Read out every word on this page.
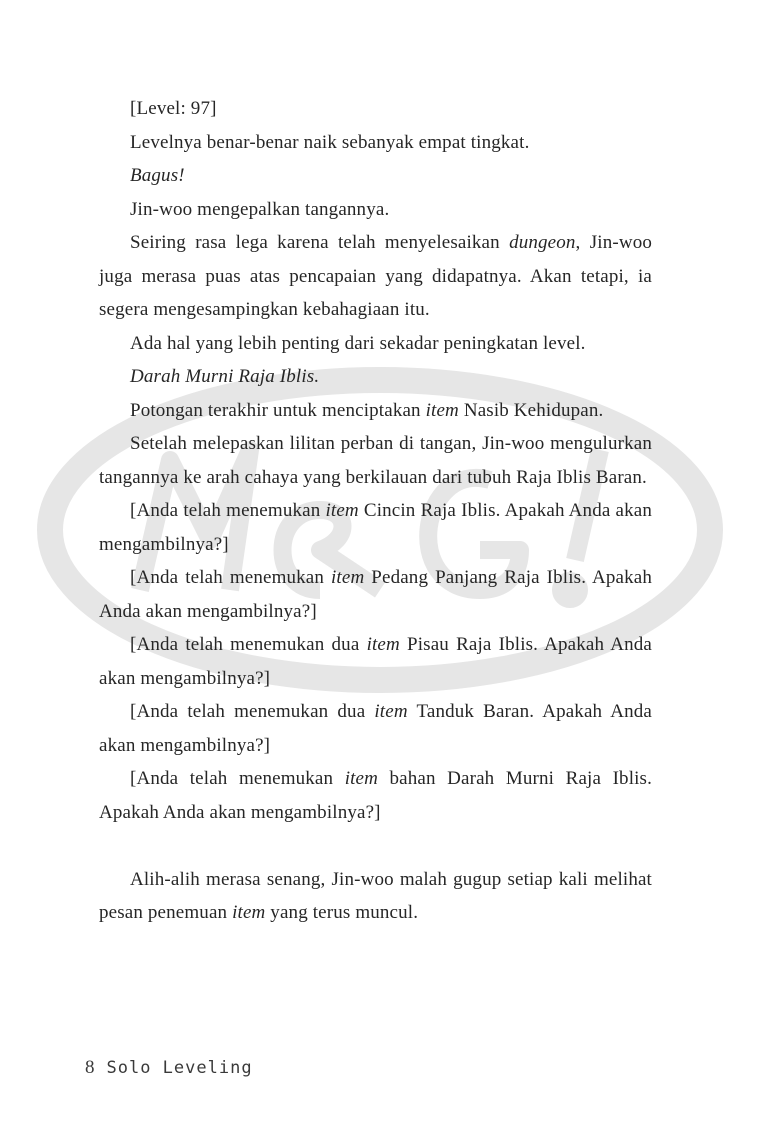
[Level: 97]

Levelnya benar-benar naik sebanyak empat tingkat.

Bagus!

Jin-woo mengepalkan tangannya.

Seiring rasa lega karena telah menyelesaikan dungeon, Jin-woo juga merasa puas atas pencapaian yang didapatnya. Akan tetapi, ia segera mengesampingkan kebahagiaan itu.

Ada hal yang lebih penting dari sekadar peningkatan level.

Darah Murni Raja Iblis.

Potongan terakhir untuk menciptakan item Nasib Kehidupan.

Setelah melepaskan lilitan perban di tangan, Jin-woo mengulurkan tangannya ke arah cahaya yang berkilauan dari tubuh Raja Iblis Baran.

[Anda telah menemukan item Cincin Raja Iblis. Apakah Anda akan mengambilnya?]

[Anda telah menemukan item Pedang Panjang Raja Iblis. Apakah Anda akan mengambilnya?]

[Anda telah menemukan dua item Pisau Raja Iblis. Apakah Anda akan mengambilnya?]

[Anda telah menemukan dua item Tanduk Baran. Apakah Anda akan mengambilnya?]

[Anda telah menemukan item bahan Darah Murni Raja Iblis. Apakah Anda akan mengambilnya?]

Alih-alih merasa senang, Jin-woo malah gugup setiap kali melihat pesan penemuan item yang terus muncul.

8 Solo Leveling
